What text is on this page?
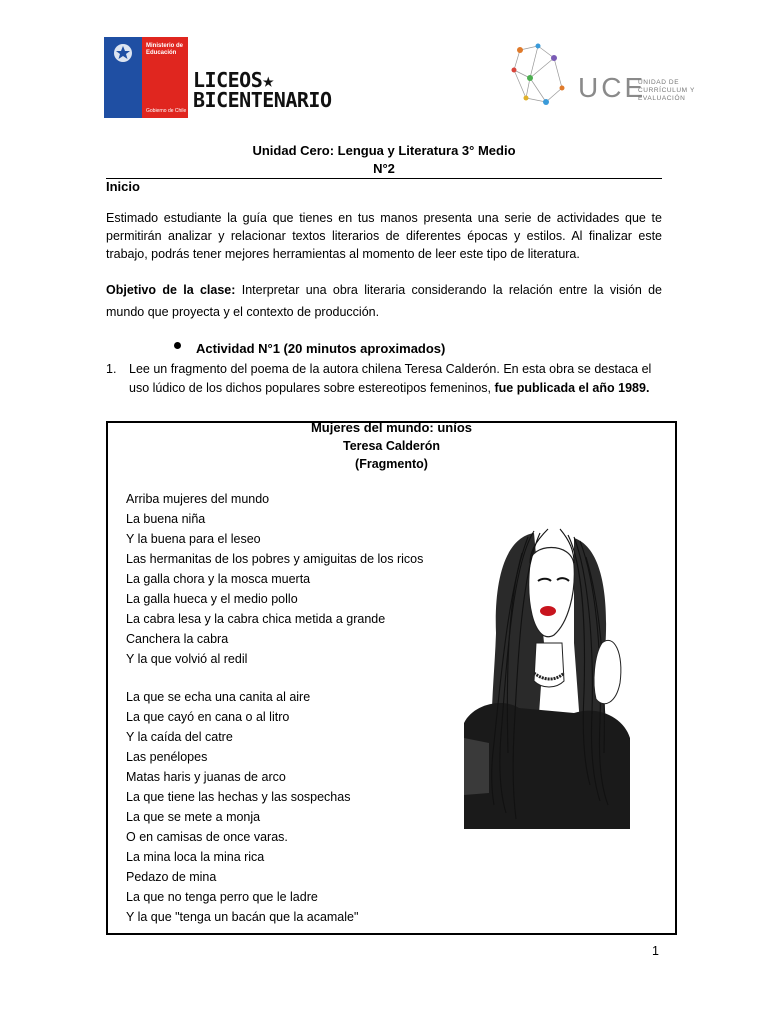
Ministerio de Educación
Gobierno de Chile
LICEOS★
BICENTENARIO	UCE
UNIDAD DE
CURRÍCULUM Y
EVALUACIÓN
Unidad Cero: Lengua y Literatura 3° Medio
N°2
Inicio
Estimado estudiante la guía que tienes en tus manos presenta una serie de actividades que te permitirán analizar y relacionar textos literarios de diferentes épocas y estilos. Al finalizar este trabajo, podrás tener mejores herramientas al momento de leer este tipo de literatura.
Objetivo de la clase: Interpretar una obra literaria considerando la relación entre la visión de mundo que proyecta y el contexto de producción.
Actividad N°1 (20 minutos aproximados)
1. Lee un fragmento del poema de la autora chilena Teresa Calderón. En esta obra se destaca el uso lúdico de los dichos populares sobre estereotipos femeninos, fue publicada el año 1989.
Mujeres del mundo: uníos
Teresa Calderón
(Fragmento)
Arriba mujeres del mundo
La buena niña
Y la buena para el leseo
Las hermanitas de los pobres y amiguitas de los ricos
La galla chora y la mosca muerta
La galla hueca y el medio pollo
La cabra lesa y la cabra chica metida a grande
Canchera la cabra
Y la que volvió al redil
La que se echa una canita al aire
La que cayó en cana o al litro
Y la caída del catre
Las penélopes
Matas haris y juanas de arco
La que tiene las hechas y las sospechas
La que se mete a monja
O en camisas de once varas.
La mina loca la mina rica
Pedazo de mina
La que no tenga perro que le ladre
Y la que "tenga un bacán que la acamale"
1
